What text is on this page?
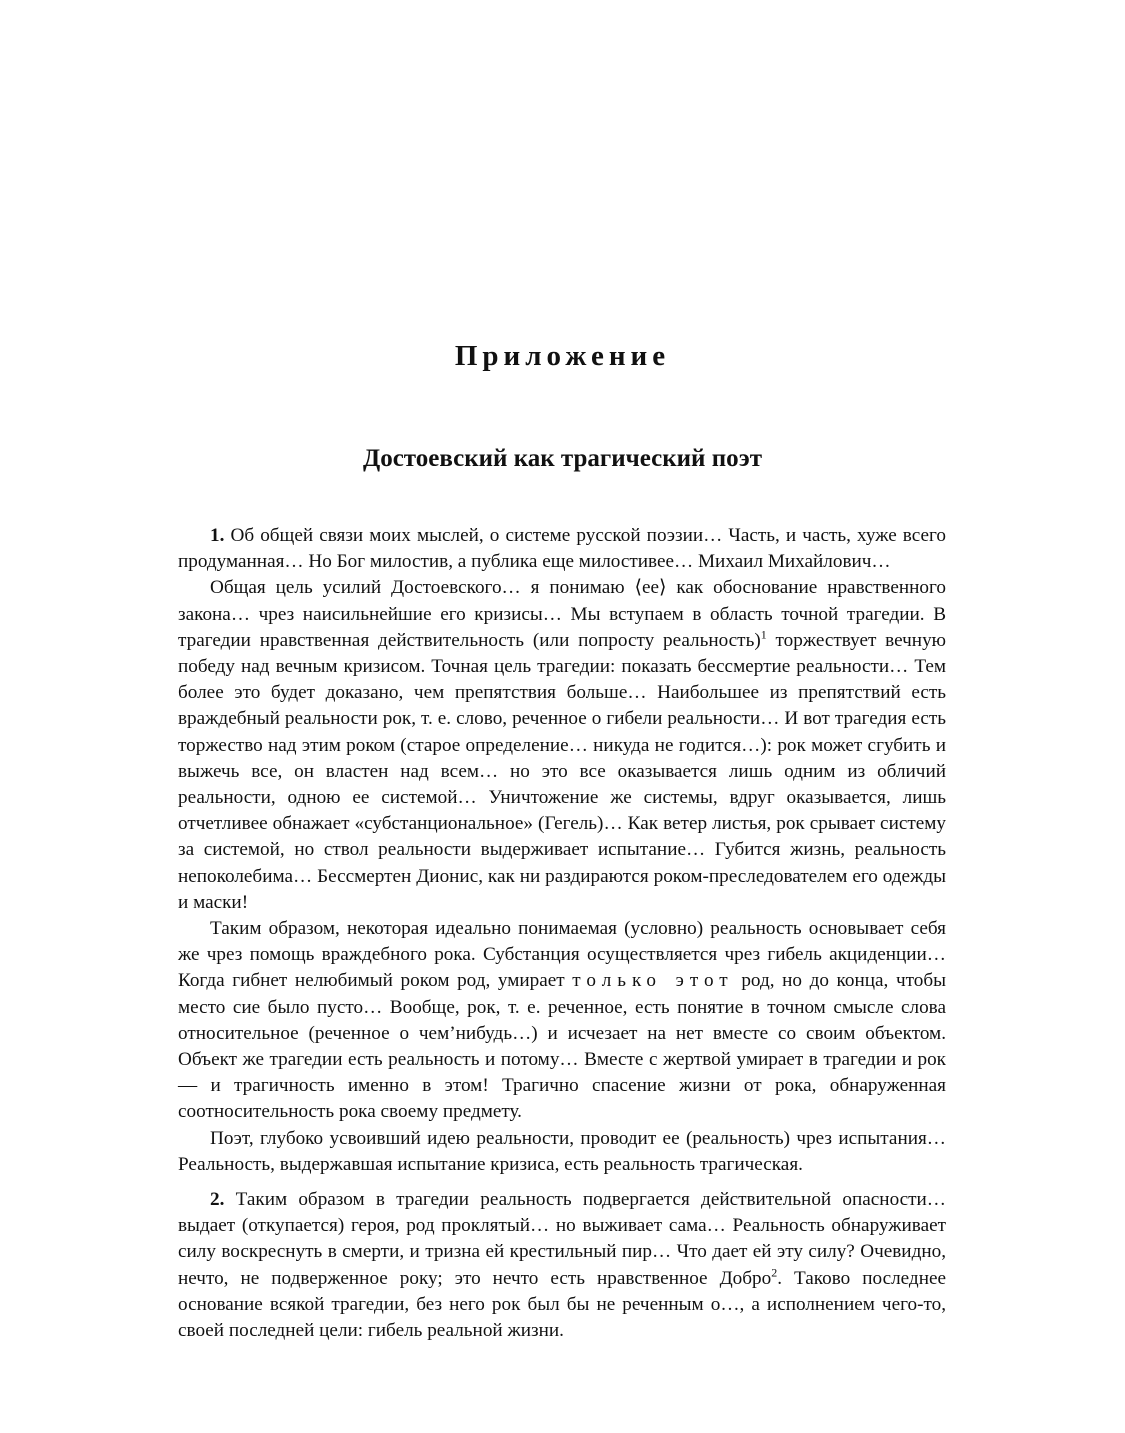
Приложение
Достоевский как трагический поэт

1. Об общей связи моих мыслей, о системе русской поэзии… Часть, и часть, хуже всего продуманная… Но Бог милостив, а публика еще милостивее… Михаил Михайлович…

Общая цель усилий Достоевского… я понимаю ⟨ее⟩ как обоснование нравственного закона… чрез наисильнейшие его кризисы… Мы вступаем в область точной трагедии. В трагедии нравственная действительность (или попросту реальность)$^1$ торжествует вечную победу над вечным кризисом. Точная цель трагедии: показать бессмертие реальности… Тем более это будет доказано, чем препятствия больше… Наибольшее из препятствий есть враждебный реальности рок, т. е. слово, реченное о гибели реальности… И вот трагедия есть торжество над этим роком (старое определение… никуда не годится…): рок может сгубить и выжечь все, он властен над всем… но это все оказывается лишь одним из обличий реальности, одною ее системой… Уничтожение же системы, вдруг оказывается, лишь отчетливее обнажает «субстанциональное» (Гегель)… Как ветер листья, рок срывает систему за системой, но ствол реальности выдерживает испытание… Губится жизнь, реальность непоколебима… Бессмертен Дионис, как ни раздираются роком-преследователем его одежды и маски!

Таким образом, некоторая идеально понимаемая (условно) реальность основывает себя же чрез помощь враждебного рока. Субстанция осуществляется чрез гибель акциденции… Когда гибнет нелюбимый роком род, умирает только этот род, но до конца, чтобы место сие было пусто… Вообще, рок, т. е. реченное, есть понятие в точном смысле слова относительное (реченное о чем’нибудь…) и исчезает на нет вместе со своим объектом. Объект же трагедии есть реальность и потому… Вместе с жертвой умирает в трагедии и рок — и трагичность именно в этом! Трагично спасение жизни от рока, обнаруженная соотносительность рока своему предмету.

Поэт, глубоко усвоивший идею реальности, проводит ее (реальность) чрез испытания… Реальность, выдержавшая испытание кризиса, есть реальность трагическая.

2. Таким образом в трагедии реальность подвергается действительной опасности… выдает (откупается) героя, род проклятый… но выживает сама… Реальность обнаруживает силу воскреснуть в смерти, и тризна ей крестильный пир… Что дает ей эту силу? Очевидно, нечто, не подверженное року; это нечто есть нравственное Добро$^2$. Таково последнее основание всякой трагедии, без него рок был бы не реченным о…, а исполнением чего-то, своей последней цели: гибель реальной жизни.
